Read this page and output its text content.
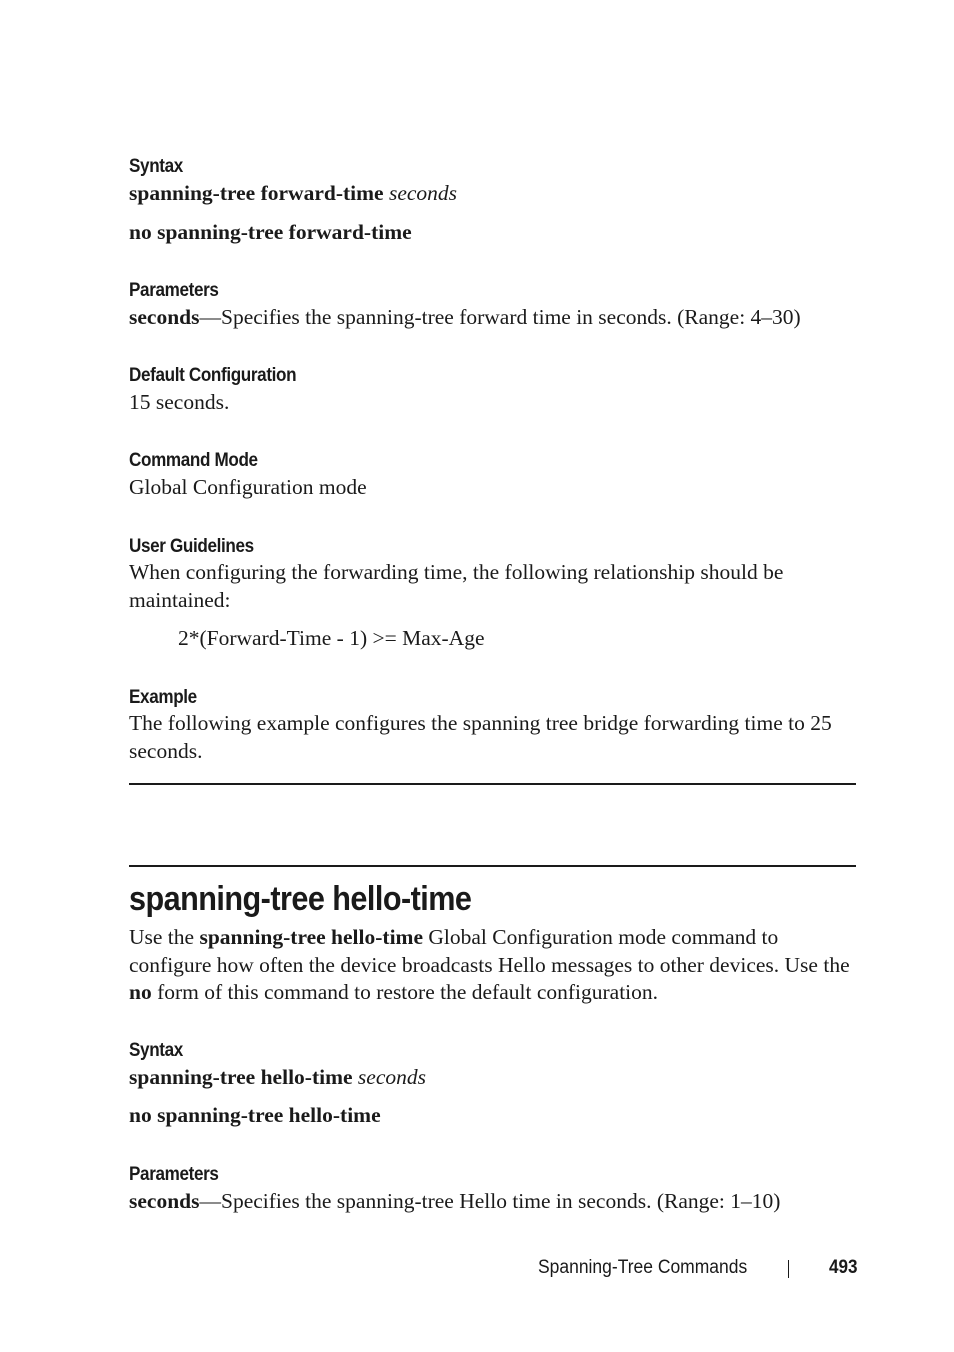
Syntax
spanning-tree forward-time seconds
no spanning-tree forward-time
Parameters
seconds—Specifies the spanning-tree forward time in seconds. (Range: 4–30)
Default Configuration
15 seconds.
Command Mode
Global Configuration mode
User Guidelines
When configuring the forwarding time, the following relationship should be maintained:
2*(Forward-Time - 1) >= Max-Age
Example
The following example configures the spanning tree bridge forwarding time to 25 seconds.
spanning-tree hello-time
Use the spanning-tree hello-time Global Configuration mode command to configure how often the device broadcasts Hello messages to other devices. Use the no form of this command to restore the default configuration.
Syntax
spanning-tree hello-time seconds
no spanning-tree hello-time
Parameters
seconds—Specifies the spanning-tree Hello time in seconds. (Range: 1–10)
Spanning-Tree Commands	493
